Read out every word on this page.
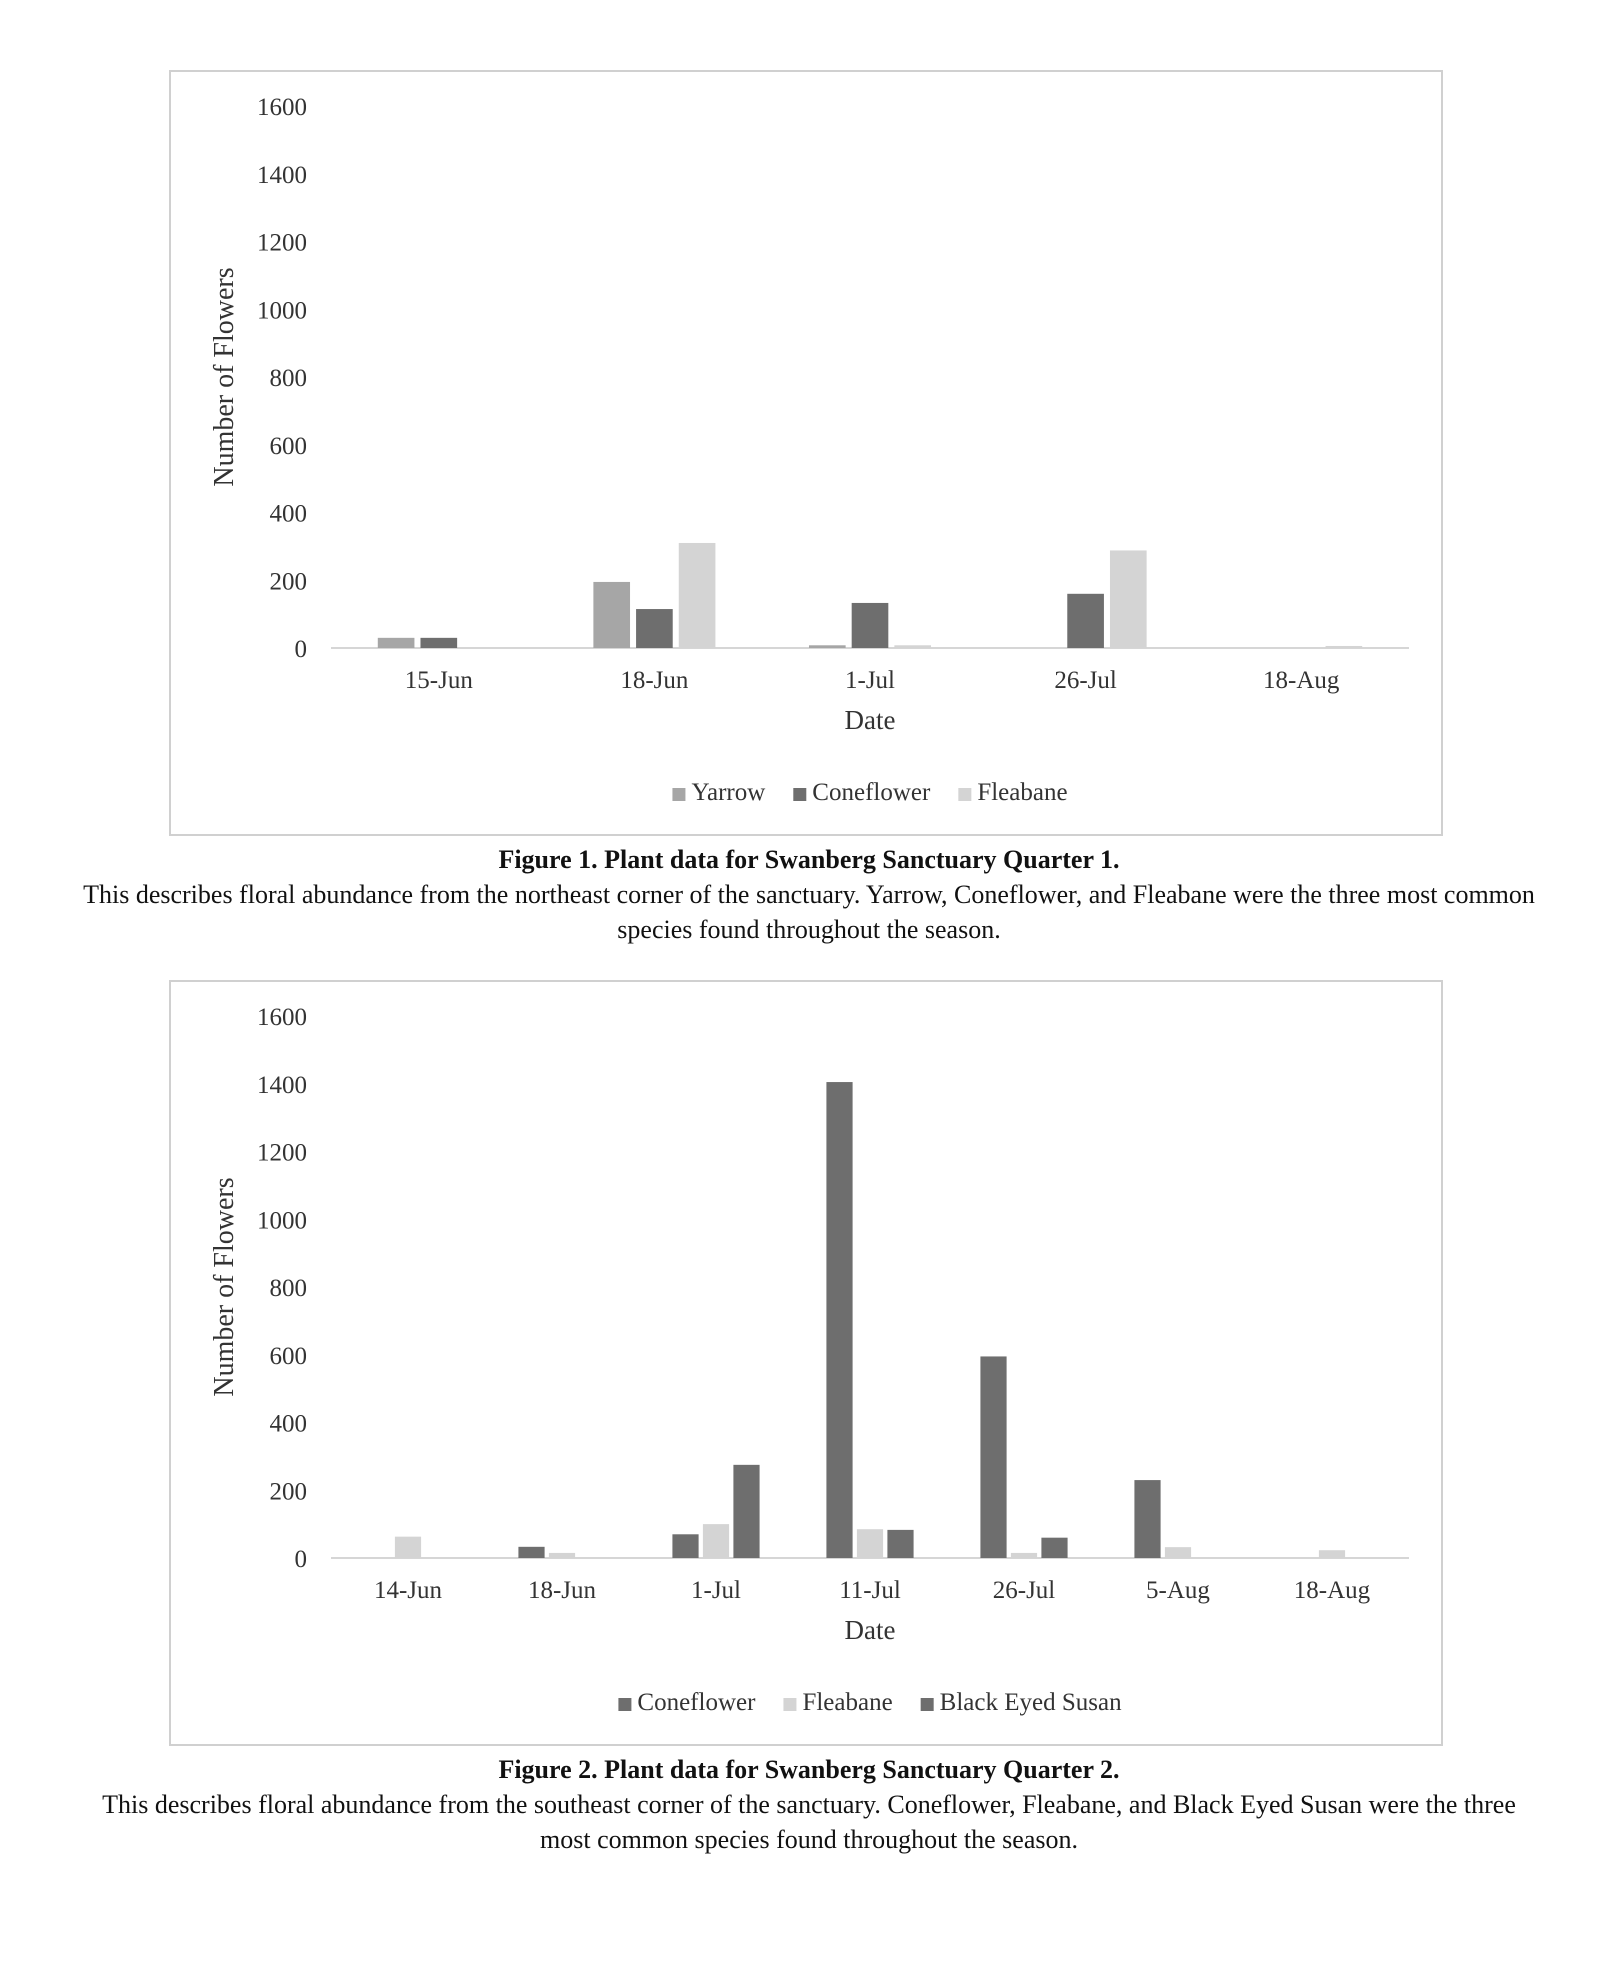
0
200
400
600
800
1000
1200
1400
1600
15-Jun	18-Jun	1-Jul	26-Jul	18-Aug
Date
Number of Flowers
Yarrow Coneflower Fleabane
Figure 1. Plant data for Swanberg Sanctuary Quarter 1.
This describes floral abundance from the northeast corner of the sanctuary. Yarrow, Coneflower, and Fleabane were the three most common species found throughout the season.
0
200
400
600
800
1000
1200
1400
1600
14-Jun	18-Jun	1-Jul	11-Jul	26-Jul	5-Aug	18-Aug
Date
Number of Flowers
Coneflower Fleabane Black Eyed Susan
Figure 2. Plant data for Swanberg Sanctuary Quarter 2.
This describes floral abundance from the southeast corner of the sanctuary. Coneflower, Fleabane, and Black Eyed Susan were the three most common species found throughout the season.
